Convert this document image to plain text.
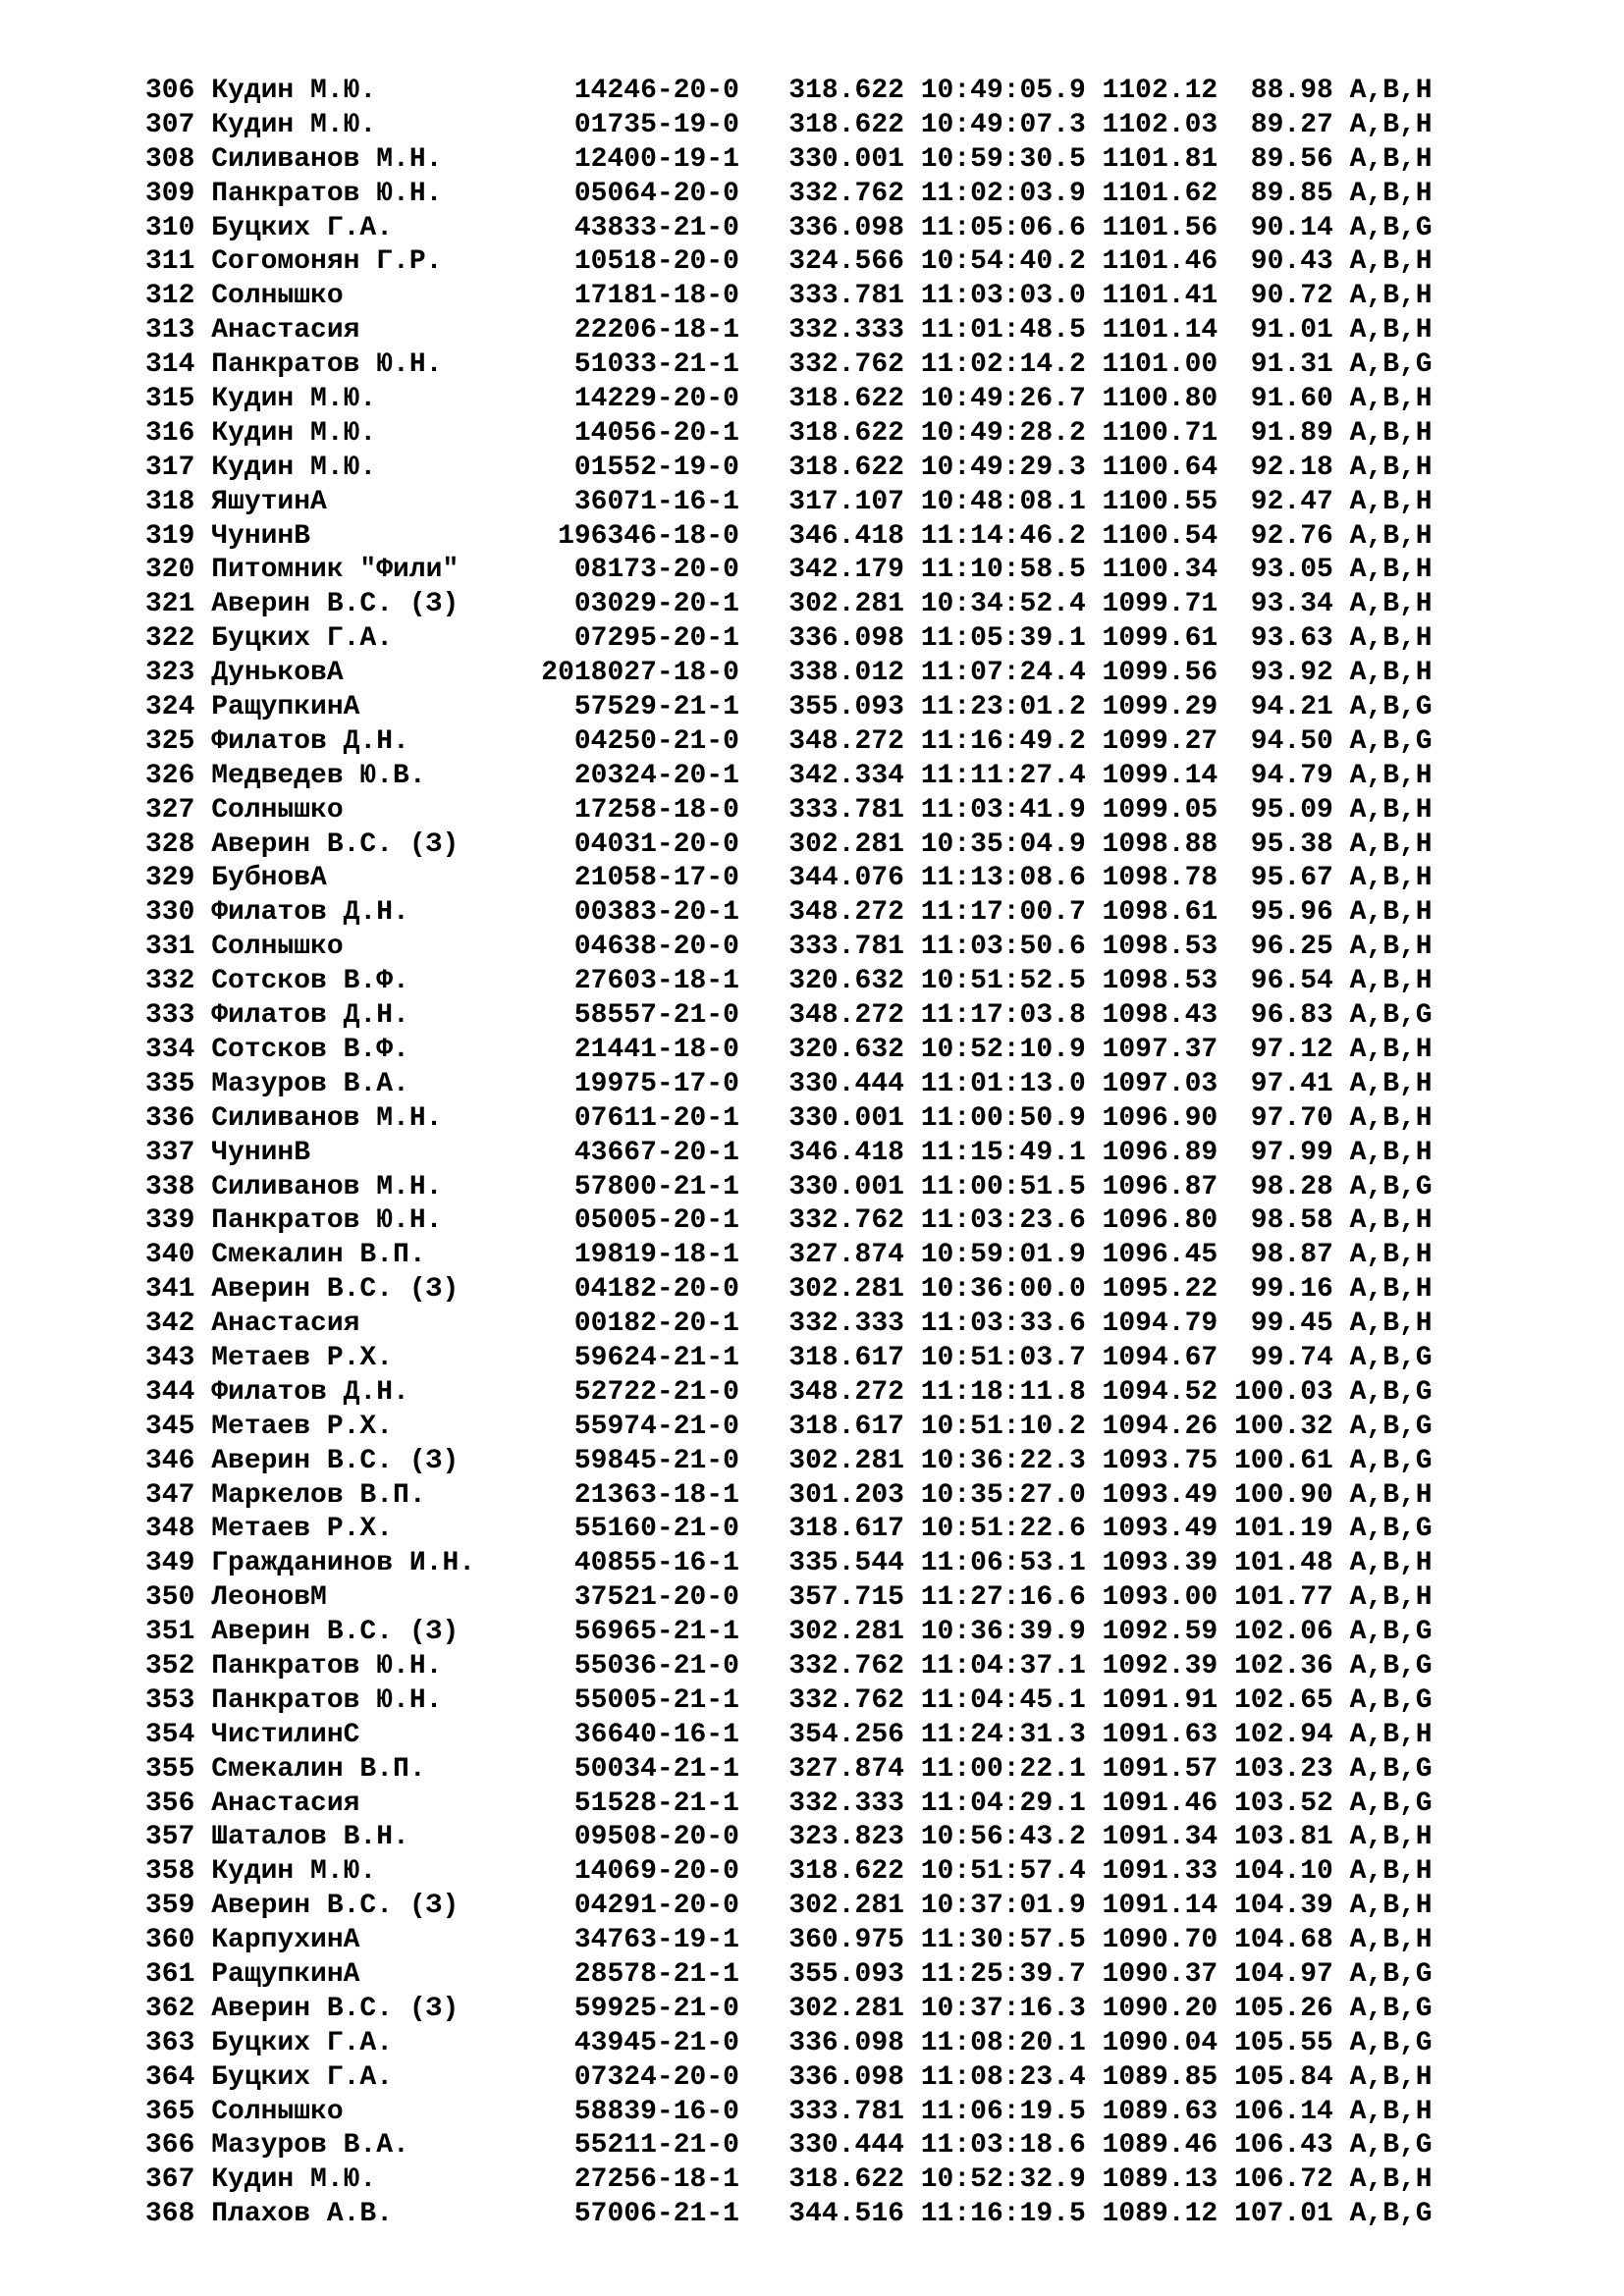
306 Кудин М.Ю.            14246-20-0   318.622 10:49:05.9 1102.12  88.98 A,B,H
307 Кудин М.Ю.            01735-19-0   318.622 10:49:07.3 1102.03  89.27 A,B,H
308 Силиванов М.Н.        12400-19-1   330.001 10:59:30.5 1101.81  89.56 A,B,H
309 Панкратов Ю.Н.        05064-20-0   332.762 11:02:03.9 1101.62  89.85 A,B,H
310 Буцких Г.А.           43833-21-0   336.098 11:05:06.6 1101.56  90.14 A,B,G
311 Согомонян Г.Р.        10518-20-0   324.566 10:54:40.2 1101.46  90.43 A,B,H
312 Солнышко              17181-18-0   333.781 11:03:03.0 1101.41  90.72 A,B,H
313 Анастасия             22206-18-1   332.333 11:01:48.5 1101.14  91.01 A,B,H
314 Панкратов Ю.Н.        51033-21-1   332.762 11:02:14.2 1101.00  91.31 A,B,G
315 Кудин М.Ю.            14229-20-0   318.622 10:49:26.7 1100.80  91.60 A,B,H
316 Кудин М.Ю.            14056-20-1   318.622 10:49:28.2 1100.71  91.89 A,B,H
317 Кудин М.Ю.            01552-19-0   318.622 10:49:29.3 1100.64  92.18 A,B,H
318 ЯшутинА               36071-16-1   317.107 10:48:08.1 1100.55  92.47 A,B,H
319 ЧунинВ               196346-18-0   346.418 11:14:46.2 1100.54  92.76 A,B,H
320 Питомник "Фили"       08173-20-0   342.179 11:10:58.5 1100.34  93.05 A,B,H
321 Аверин В.С. (З)       03029-20-1   302.281 10:34:52.4 1099.71  93.34 A,B,H
322 Буцких Г.А.           07295-20-1   336.098 11:05:39.1 1099.61  93.63 A,B,H
323 ДуньковА            2018027-18-0   338.012 11:07:24.4 1099.56  93.92 A,B,H
324 РащупкинА             57529-21-1   355.093 11:23:01.2 1099.29  94.21 A,B,G
325 Филатов Д.Н.          04250-21-0   348.272 11:16:49.2 1099.27  94.50 A,B,G
326 Медведев Ю.В.         20324-20-1   342.334 11:11:27.4 1099.14  94.79 A,B,H
327 Солнышко              17258-18-0   333.781 11:03:41.9 1099.05  95.09 A,B,H
328 Аверин В.С. (З)       04031-20-0   302.281 10:35:04.9 1098.88  95.38 A,B,H
329 БубновА               21058-17-0   344.076 11:13:08.6 1098.78  95.67 A,B,H
330 Филатов Д.Н.          00383-20-1   348.272 11:17:00.7 1098.61  95.96 A,B,H
331 Солнышко              04638-20-0   333.781 11:03:50.6 1098.53  96.25 A,B,H
332 Сотсков В.Ф.          27603-18-1   320.632 10:51:52.5 1098.53  96.54 A,B,H
333 Филатов Д.Н.          58557-21-0   348.272 11:17:03.8 1098.43  96.83 A,B,G
334 Сотсков В.Ф.          21441-18-0   320.632 10:52:10.9 1097.37  97.12 A,B,H
335 Мазуров В.А.          19975-17-0   330.444 11:01:13.0 1097.03  97.41 A,B,H
336 Силиванов М.Н.        07611-20-1   330.001 11:00:50.9 1096.90  97.70 A,B,H
337 ЧунинВ                43667-20-1   346.418 11:15:49.1 1096.89  97.99 A,B,H
338 Силиванов М.Н.        57800-21-1   330.001 11:00:51.5 1096.87  98.28 A,B,G
339 Панкратов Ю.Н.        05005-20-1   332.762 11:03:23.6 1096.80  98.58 A,B,H
340 Смекалин В.П.         19819-18-1   327.874 10:59:01.9 1096.45  98.87 A,B,H
341 Аверин В.С. (З)       04182-20-0   302.281 10:36:00.0 1095.22  99.16 A,B,H
342 Анастасия             00182-20-1   332.333 11:03:33.6 1094.79  99.45 A,B,H
343 Метаев Р.Х.           59624-21-1   318.617 10:51:03.7 1094.67  99.74 A,B,G
344 Филатов Д.Н.          52722-21-0   348.272 11:18:11.8 1094.52 100.03 A,B,G
345 Метаев Р.Х.           55974-21-0   318.617 10:51:10.2 1094.26 100.32 A,B,G
346 Аверин В.С. (З)       59845-21-0   302.281 10:36:22.3 1093.75 100.61 A,B,G
347 Маркелов В.П.         21363-18-1   301.203 10:35:27.0 1093.49 100.90 A,B,H
348 Метаев Р.Х.           55160-21-0   318.617 10:51:22.6 1093.49 101.19 A,B,G
349 Гражданинов И.Н.      40855-16-1   335.544 11:06:53.1 1093.39 101.48 A,B,H
350 ЛеоновМ               37521-20-0   357.715 11:27:16.6 1093.00 101.77 A,B,H
351 Аверин В.С. (З)       56965-21-1   302.281 10:36:39.9 1092.59 102.06 A,B,G
352 Панкратов Ю.Н.        55036-21-0   332.762 11:04:37.1 1092.39 102.36 A,B,G
353 Панкратов Ю.Н.        55005-21-1   332.762 11:04:45.1 1091.91 102.65 A,B,G
354 ЧистилинС             36640-16-1   354.256 11:24:31.3 1091.63 102.94 A,B,H
355 Смекалин В.П.         50034-21-1   327.874 11:00:22.1 1091.57 103.23 A,B,G
356 Анастасия             51528-21-1   332.333 11:04:29.1 1091.46 103.52 A,B,G
357 Шаталов В.Н.          09508-20-0   323.823 10:56:43.2 1091.34 103.81 A,B,H
358 Кудин М.Ю.            14069-20-0   318.622 10:51:57.4 1091.33 104.10 A,B,H
359 Аверин В.С. (З)       04291-20-0   302.281 10:37:01.9 1091.14 104.39 A,B,H
360 КарпухинА             34763-19-1   360.975 11:30:57.5 1090.70 104.68 A,B,H
361 РащупкинА             28578-21-1   355.093 11:25:39.7 1090.37 104.97 A,B,G
362 Аверин В.С. (З)       59925-21-0   302.281 10:37:16.3 1090.20 105.26 A,B,G
363 Буцких Г.А.           43945-21-0   336.098 11:08:20.1 1090.04 105.55 A,B,G
364 Буцких Г.А.           07324-20-0   336.098 11:08:23.4 1089.85 105.84 A,B,H
365 Солнышко              58839-16-0   333.781 11:06:19.5 1089.63 106.14 A,B,H
366 Мазуров В.А.          55211-21-0   330.444 11:03:18.6 1089.46 106.43 A,B,G
367 Кудин М.Ю.            27256-18-1   318.622 10:52:32.9 1089.13 106.72 A,B,H
368 Плахов А.В.           57006-21-1   344.516 11:16:19.5 1089.12 107.01 A,B,G
